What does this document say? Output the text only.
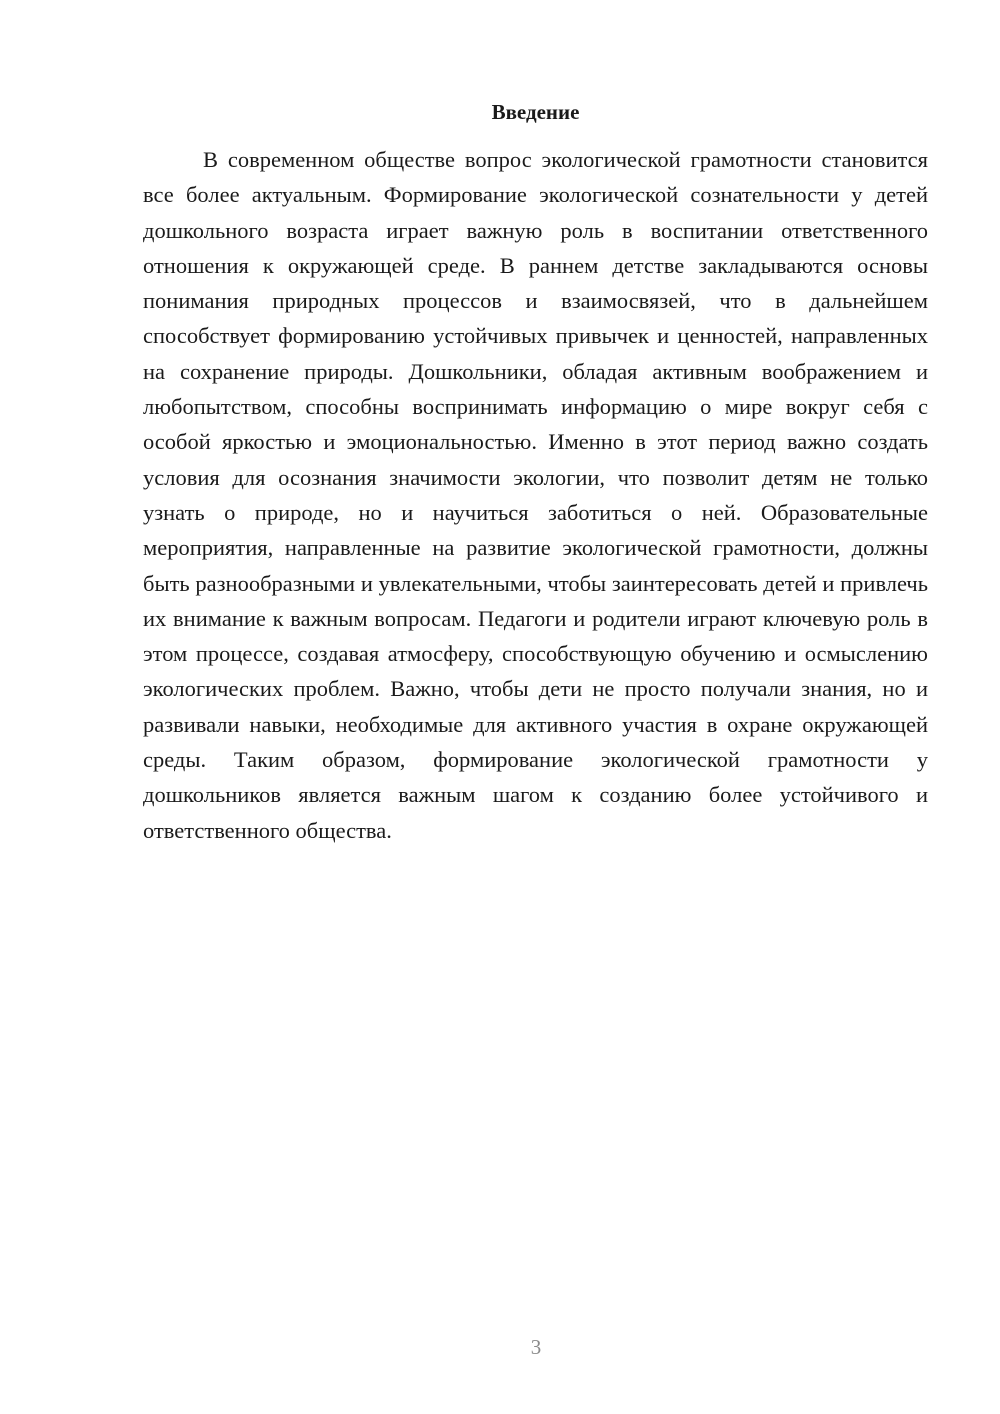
Введение

В современном обществе вопрос экологической грамотности становится все более актуальным. Формирование экологической сознательности у детей дошкольного возраста играет важную роль в воспитании ответственного отношения к окружающей среде. В раннем детстве закладываются основы понимания природных процессов и взаимосвязей, что в дальнейшем способствует формированию устойчивых привычек и ценностей, направленных на сохранение природы. Дошкольники, обладая активным воображением и любопытством, способны воспринимать информацию о мире вокруг себя с особой яркостью и эмоциональностью. Именно в этот период важно создать условия для осознания значимости экологии, что позволит детям не только узнать о природе, но и научиться заботиться о ней. Образовательные мероприятия, направленные на развитие экологической грамотности, должны быть разнообразными и увлекательными, чтобы заинтересовать детей и привлечь их внимание к важным вопросам. Педагоги и родители играют ключевую роль в этом процессе, создавая атмосферу, способствующую обучению и осмыслению экологических проблем. Важно, чтобы дети не просто получали знания, но и развивали навыки, необходимые для активного участия в охране окружающей среды. Таким образом, формирование экологической грамотности у дошкольников является важным шагом к созданию более устойчивого и ответственного общества.

3
